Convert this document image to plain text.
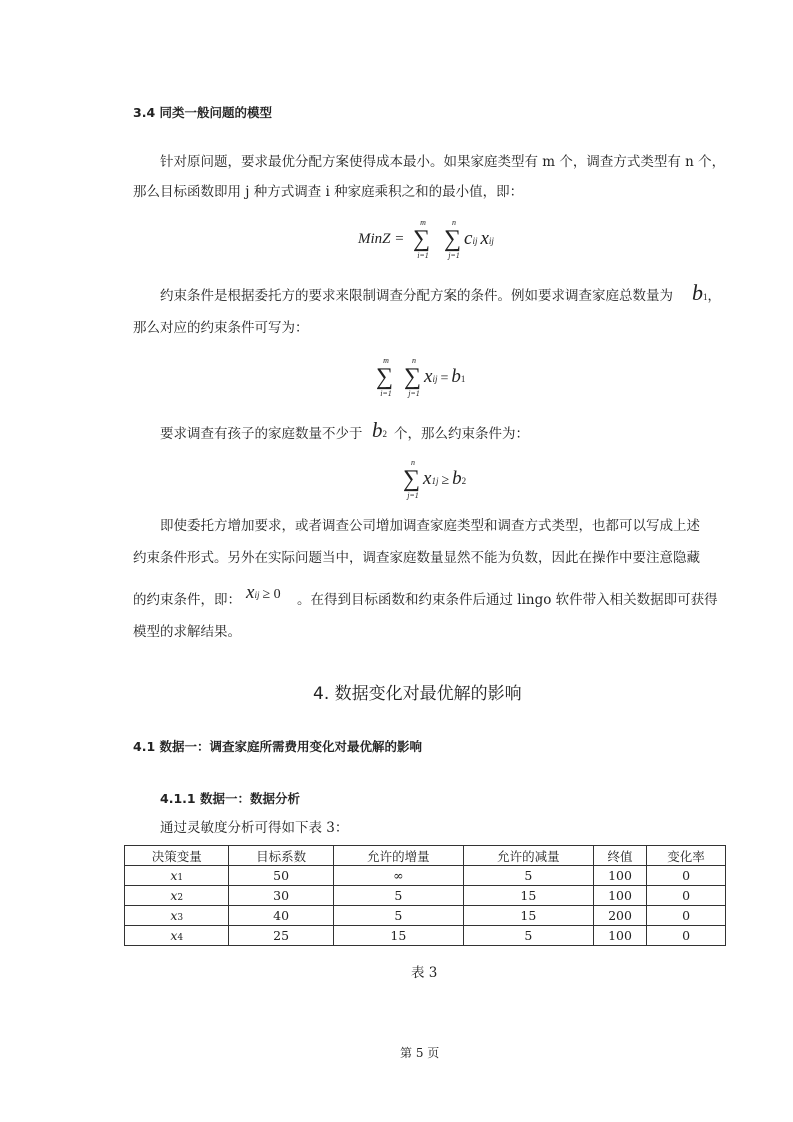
3.4 同类一般问题的模型
针对原问题，要求最优分配方案使得成本最小。如果家庭类型有 m 个，调查方式类型有 n 个，
那么目标函数即用 j 种方式调查 i 种家庭乘积之和的最小值，即：
MinZ =
m
∑
i=1
n
∑
j=1
cij xij
约束条件是根据委托方的要求来限制调查分配方案的条件。例如要求调查家庭总数量为 b1，
那么对应的约束条件可写为：
m
∑
i=1
n
∑
j=1
xij = b1
要求调查有孩子的家庭数量不少于 b2 个，那么约束条件为：
n
∑
j=1
x1j ≥ b2
即使委托方增加要求，或者调查公司增加调查家庭类型和调查方式类型，也都可以写成上述
约束条件形式。另外在实际问题当中，调查家庭数量显然不能为负数，因此在操作中要注意隐藏
的约束条件，即： xij ≥ 0 。在得到目标函数和约束条件后通过 lingo 软件带入相关数据即可获得
模型的求解结果。
4. 数据变化对最优解的影响
4.1 数据一：调查家庭所需费用变化对最优解的影响
4.1.1 数据一：数据分析
通过灵敏度分析可得如下表 3：
决策变量	目标系数	允许的增量	允许的减量	终值	变化率
x1	50	∞	5	100	0
x2	30	5	15	100	0
x3	40	5	15	200	0
x4	25	15	5	100	0
表 3
第 5 页
